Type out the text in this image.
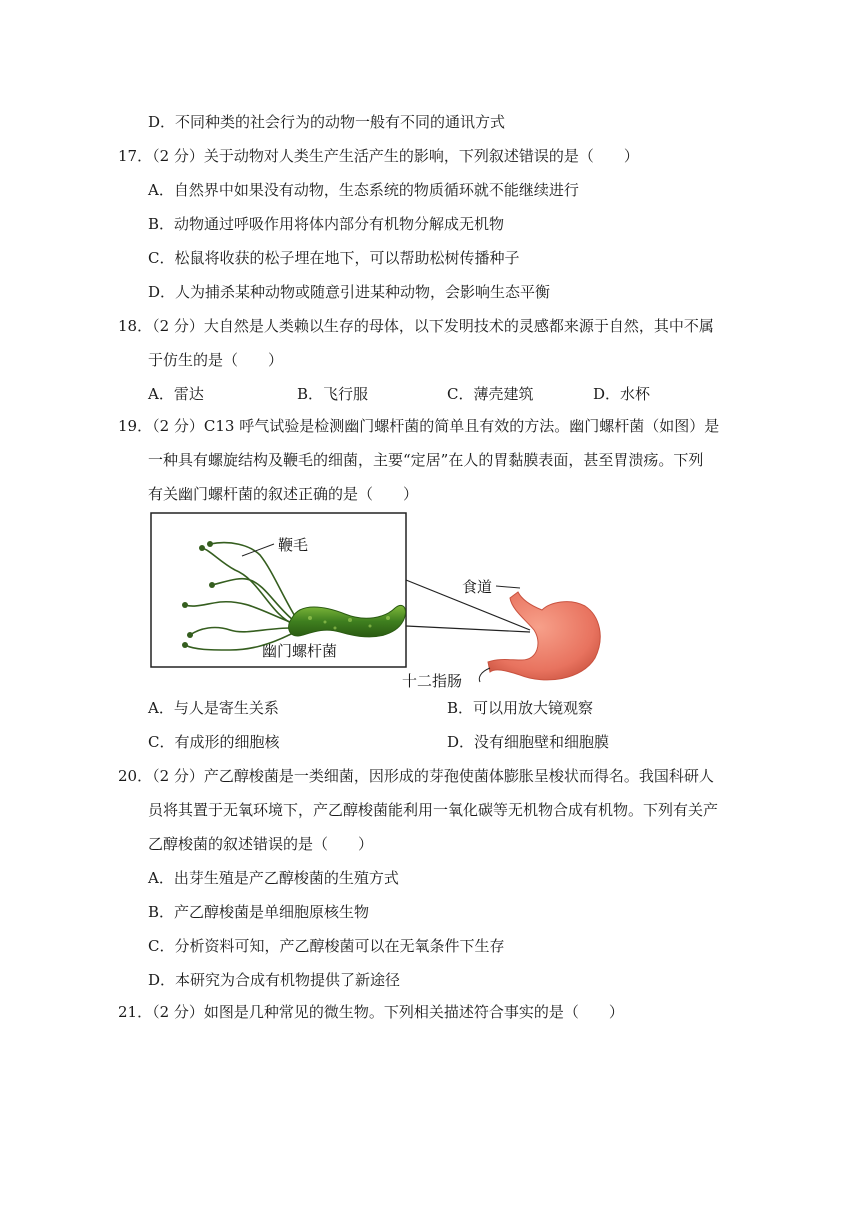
D．不同种类的社会行为的动物一般有不同的通讯方式
17．（2 分）关于动物对人类生产生活产生的影响，下列叙述错误的是（　　）
A．自然界中如果没有动物，生态系统的物质循环就不能继续进行
B．动物通过呼吸作用将体内部分有机物分解成无机物
C．松鼠将收获的松子埋在地下，可以帮助松树传播种子
D．人为捕杀某种动物或随意引进某种动物，会影响生态平衡
18．（2 分）大自然是人类赖以生存的母体，以下发明技术的灵感都来源于自然，其中不属
于仿生的是（　　）
A．雷达	B．飞行服	C．薄壳建筑	D．水杯
19．（2 分）C13 呼气试验是检测幽门螺杆菌的简单且有效的方法。幽门螺杆菌（如图）是
一种具有螺旋结构及鞭毛的细菌，主要“定居”在人的胃黏膜表面，甚至胃溃疡。下列
有关幽门螺杆菌的叙述正确的是（　　）
鞭毛
幽门螺杆菌
食道
十二指肠
A．与人是寄生关系	B．可以用放大镜观察
C．有成形的细胞核	D．没有细胞壁和细胞膜
20．（2 分）产乙醇梭菌是一类细菌，因形成的芽孢使菌体膨胀呈梭状而得名。我国科研人
员将其置于无氧环境下，产乙醇梭菌能利用一氧化碳等无机物合成有机物。下列有关产
乙醇梭菌的叙述错误的是（　　）
A．出芽生殖是产乙醇梭菌的生殖方式
B．产乙醇梭菌是单细胞原核生物
C．分析资料可知，产乙醇梭菌可以在无氧条件下生存
D．本研究为合成有机物提供了新途径
21．（2 分）如图是几种常见的微生物。下列相关描述符合事实的是（　　）
